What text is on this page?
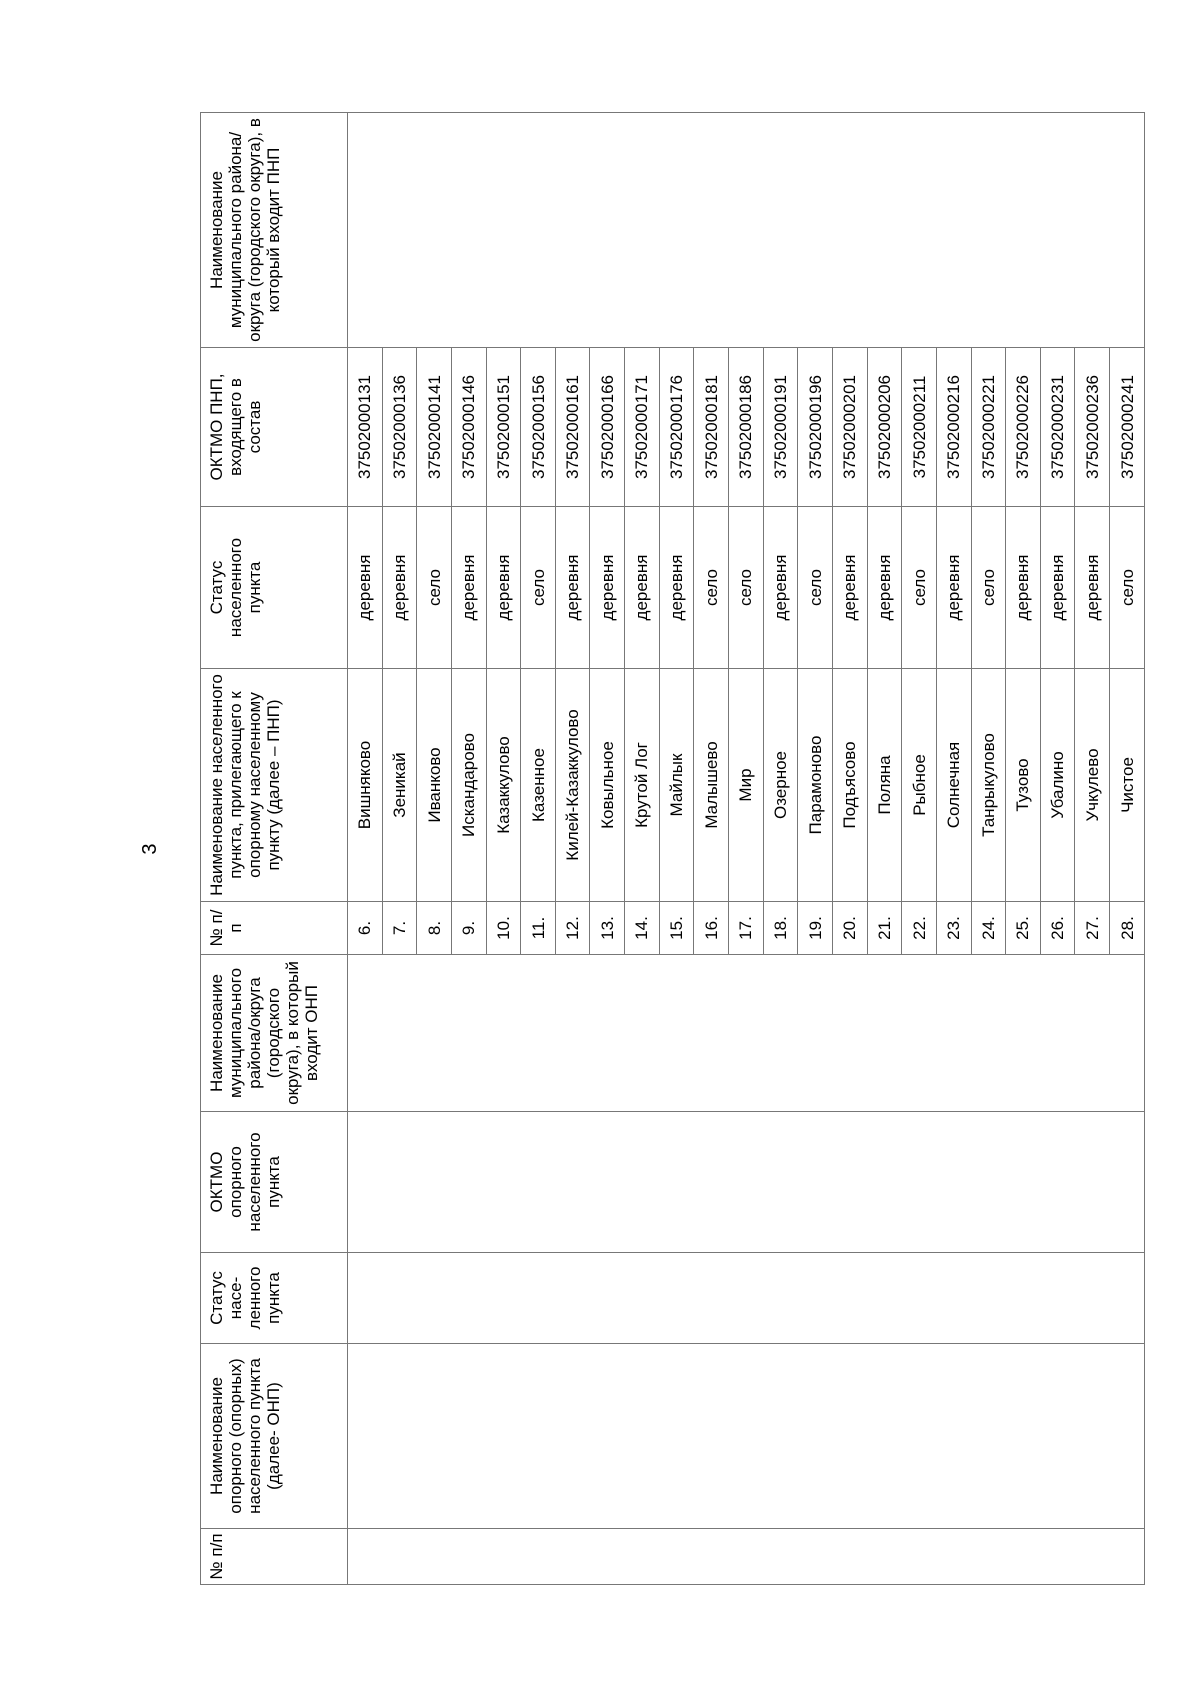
3
№ п/п	Наименование опорного (опорных) населенного пункта (далее- ОНП)	Статус насе-ленного пункта	ОКТМО опорного населенного пункта	Наименование муниципального района/округа (городского округа), в который входит ОНП	№ п/п	Наименование населенного пункта, прилегающего к опорному населенному пункту (далее – ПНП)	Статус населенного пункта	ОКТМО ПНП, входящего в состав	Наименование муниципального района/округа (городского округа), в который входит ПНП
					6.	Вишняково	деревня	37502000131	
					7.	Зеникай	деревня	37502000136	
					8.	Иванково	село	37502000141	
					9.	Искандарово	деревня	37502000146	
					10.	Казаккулово	деревня	37502000151	
					11.	Казенное	село	37502000156	
					12.	Килей-Казаккулово	деревня	37502000161	
					13.	Ковыльное	деревня	37502000166	
					14.	Крутой Лог	деревня	37502000171	
					15.	Майлык	деревня	37502000176	
					16.	Малышево	село	37502000181	
					17.	Мир	село	37502000186	
					18.	Озерное	деревня	37502000191	
					19.	Парамоново	село	37502000196	
					20.	Подъясово	деревня	37502000201	
					21.	Поляна	деревня	37502000206	
					22.	Рыбное	село	37502000211	
					23.	Солнечная	деревня	37502000216	
					24.	Танрыкулово	село	37502000221	
					25.	Тузово	деревня	37502000226	
					26.	Убалино	деревня	37502000231	
					27.	Учкулево	деревня	37502000236	
					28.	Чистое	село	37502000241	
